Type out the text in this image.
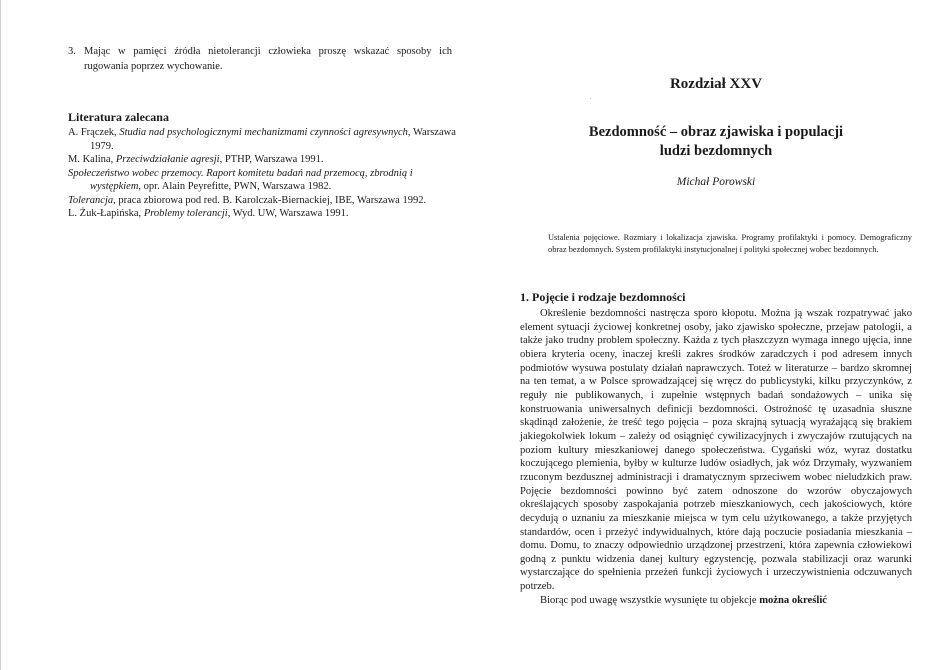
3. Mając w pamięci źródła nietolerancji człowieka proszę wskazać sposoby ich rugowania poprzez wychowanie.
Literatura zalecana
A. Frączek, Studia nad psychologicznymi mechanizmami czynności agresywnych, Warszawa 1979.
M. Kalina, Przeciwdziałanie agresji, PTHP, Warszawa 1991.
Społeczeństwo wobec przemocy. Raport komitetu badań nad przemocą, zbrodnią i występkiem, opr. Alain Peyrefitte, PWN, Warszawa 1982.
Tolerancja, praca zbiorowa pod red. B. Karolczak-Biernackiej, IBE, Warszawa 1992.
L. Żuk-Łapińska, Problemy tolerancji, Wyd. UW, Warszawa 1991.
Rozdział XXV
Bezdomność – obraz zjawiska i populacji
ludzi bezdomnych
Michał Porowski
Ustalenia pojęciowe. Rozmiary i lokalizacja zjawiska. Programy profilaktyki i pomocy. Demograficzny obraz bezdomnych. System profilaktyki instytucjonalnej i polityki społecznej wobec bezdomnych.
1. Pojęcie i rodzaje bezdomności

Określenie bezdomności nastręcza sporo kłopotu. Można ją wszak rozpatrywać jako element sytuacji życiowej konkretnej osoby, jako zjawisko społeczne, przejaw patologii, a także jako trudny problem społeczny. Każda z tych płaszczyzn wymaga innego ujęcia, inne obiera kryteria oceny, inaczej kreśli zakres środków zaradczych i pod adresem innych podmiotów wysuwa postulaty działań naprawczych. Toteż w literaturze – bardzo skromnej na ten temat, a w Polsce sprowadzającej się wręcz do publicystyki, kilku przyczynków, z reguły nie publikowanych, i zupełnie wstępnych badań sondażowych – unika się konstruowania uniwersalnych definicji bezdomności. Ostrożność tę uzasadnia słuszne skądinąd założenie, że treść tego pojęcia – poza skrajną sytuacją wyrażającą się brakiem jakiegokolwiek lokum – zależy od osiągnięć cywilizacyjnych i zwyczajów rzutujących na poziom kultury mieszkaniowej danego społeczeństwa. Cygański wóz, wyraz dostatku koczującego plemienia, byłby w kulturze ludów osiadłych, jak wóz Drzymały, wyzwaniem rzuconym bezdusznej administracji i dramatycznym sprzeciwem wobec nieludzkich praw. Pojęcie bezdomności powinno być zatem odnoszone do wzorów obyczajowych określających sposoby zaspokajania potrzeb mieszkaniowych, cech jakościowych, które decydują o uznaniu za mieszkanie miejsca w tym celu użytkowanego, a także przyjętych standardów, ocen i przeżyć indywidualnych, które dają poczucie posiadania mieszkania – domu. Domu, to znaczy odpowiednio urządzonej przestrzeni, która zapewnia człowiekowi godną z punktu widzenia danej kultury egzystencję, pozwala stabilizacji oraz warunki wystarczające do spełnienia przeżeń funkcji życiowych i urzeczywistnienia odczuwanych potrzeb.

Biorąc pod uwagę wszystkie wysunięte tu objekcje można określić
